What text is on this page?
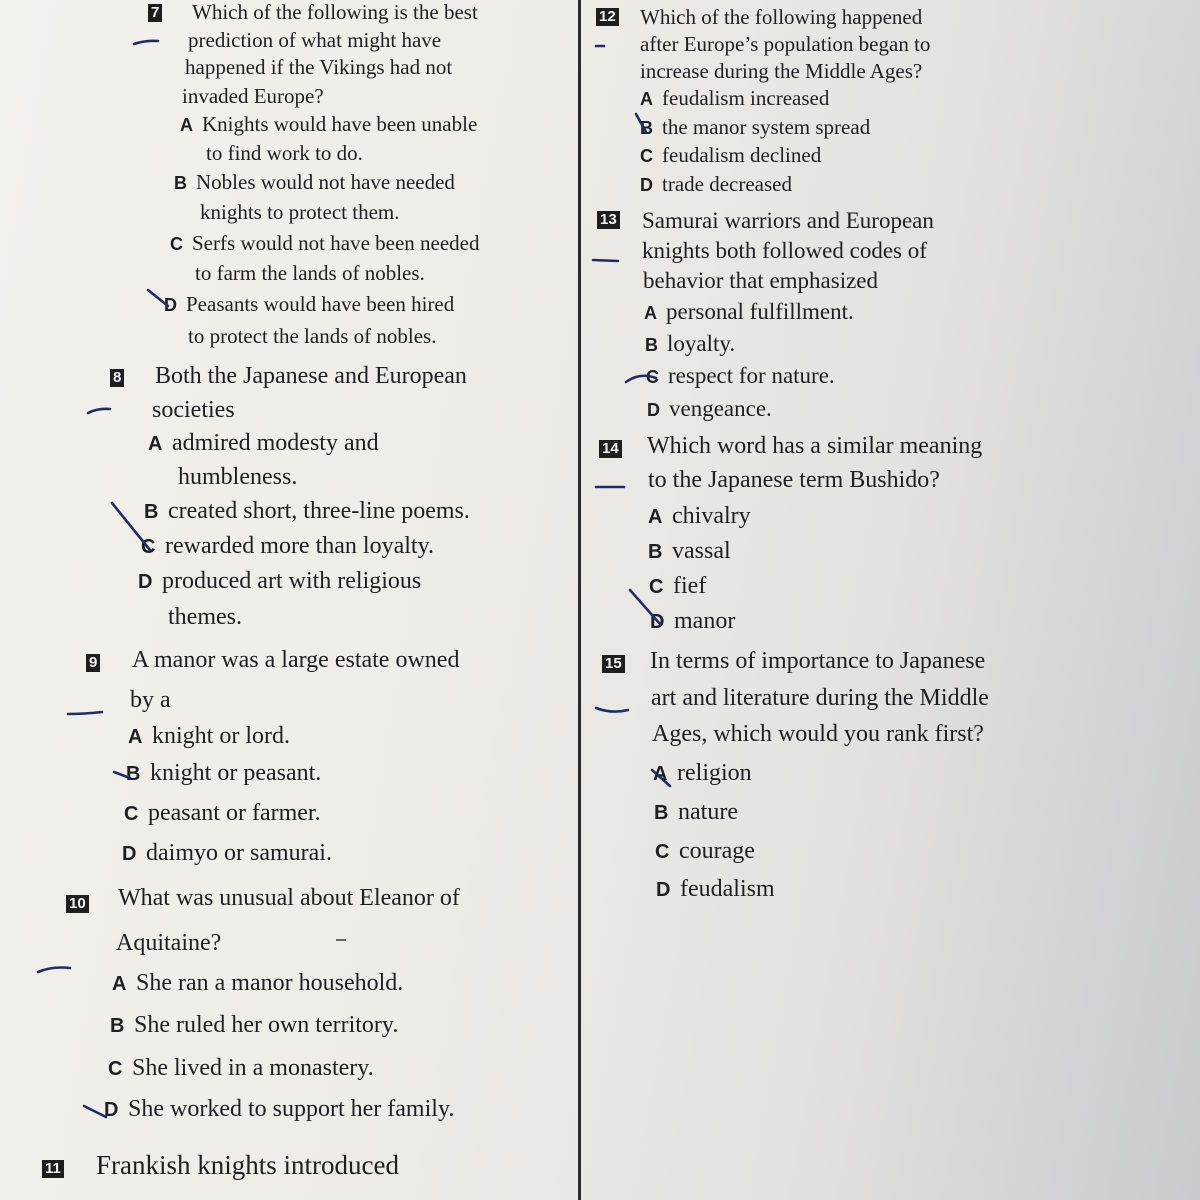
7 Which of the following is the best
prediction of what might have
happened if the Vikings had not
invaded Europe?
A Knights would have been unable
to find work to do.
B Nobles would not have needed
knights to protect them.
C Serfs would not have been needed
to farm the lands of nobles.
D Peasants would have been hired
to protect the lands of nobles.
8 Both the Japanese and European
societies
A admired modesty and
humbleness.
B created short, three-line poems.
C rewarded more than loyalty.
D produced art with religious
themes.
9 A manor was a large estate owned
by a
A knight or lord.
B knight or peasant.
C peasant or farmer.
D daimyo or samurai.
10 What was unusual about Eleanor of
Aquitaine?
A She ran a manor household.
B She ruled her own territory.
C She lived in a monastery.
D She worked to support her family.
11 Frankish knights introduced
12 Which of the following happened
after Europe’s population began to
increase during the Middle Ages?
A feudalism increased
B the manor system spread
C feudalism declined
D trade decreased
13 Samurai warriors and European
knights both followed codes of
behavior that emphasized
A personal fulfillment.
B loyalty.
C respect for nature.
D vengeance.
14 Which word has a similar meaning
to the Japanese term Bushido?
A chivalry
B vassal
C fief
D manor
15 In terms of importance to Japanese
art and literature during the Middle
Ages, which would you rank first?
A religion
B nature
C courage
D feudalism
